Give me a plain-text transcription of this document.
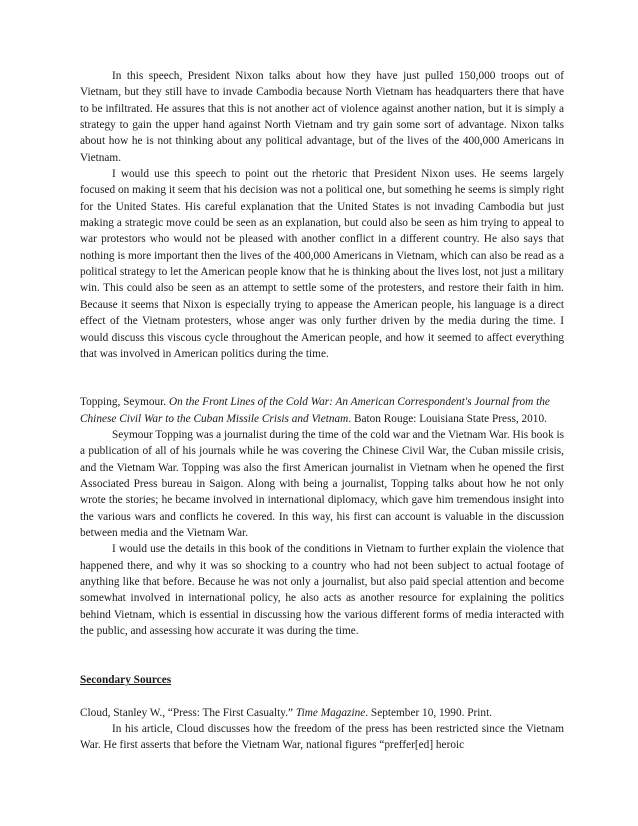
In this speech, President Nixon talks about how they have just pulled 150,000 troops out of Vietnam, but they still have to invade Cambodia because North Vietnam has headquarters there that have to be infiltrated. He assures that this is not another act of violence against another nation, but it is simply a strategy to gain the upper hand against North Vietnam and try gain some sort of advantage. Nixon talks about how he is not thinking about any political advantage, but of the lives of the 400,000 Americans in Vietnam.

I would use this speech to point out the rhetoric that President Nixon uses. He seems largely focused on making it seem that his decision was not a political one, but something he seems is simply right for the United States. His careful explanation that the United States is not invading Cambodia but just making a strategic move could be seen as an explanation, but could also be seen as him trying to appeal to war protestors who would not be pleased with another conflict in a different country. He also says that nothing is more important then the lives of the 400,000 Americans in Vietnam, which can also be read as a political strategy to let the American people know that he is thinking about the lives lost, not just a military win. This could also be seen as an attempt to settle some of the protesters, and restore their faith in him. Because it seems that Nixon is especially trying to appease the American people, his language is a direct effect of the Vietnam protesters, whose anger was only further driven by the media during the time. I would discuss this viscous cycle throughout the American people, and how it seemed to affect everything that was involved in American politics during the time.

Topping, Seymour. On the Front Lines of the Cold War: An American Correspondent's Journal from the Chinese Civil War to the Cuban Missile Crisis and Vietnam. Baton Rouge: Louisiana State Press, 2010.

Seymour Topping was a journalist during the time of the cold war and the Vietnam War. His book is a publication of all of his journals while he was covering the Chinese Civil War, the Cuban missile crisis, and the Vietnam War. Topping was also the first American journalist in Vietnam when he opened the first Associated Press bureau in Saigon. Along with being a journalist, Topping talks about how he not only wrote the stories; he became involved in international diplomacy, which gave him tremendous insight into the various wars and conflicts he covered. In this way, his first can account is valuable in the discussion between media and the Vietnam War.

I would use the details in this book of the conditions in Vietnam to further explain the violence that happened there, and why it was so shocking to a country who had not been subject to actual footage of anything like that before. Because he was not only a journalist, but also paid special attention and become somewhat involved in international policy, he also acts as another resource for explaining the politics behind Vietnam, which is essential in discussing how the various different forms of media interacted with the public, and assessing how accurate it was during the time.

Secondary Sources

Cloud, Stanley W., “Press: The First Casualty.” Time Magazine. September 10, 1990. Print.

In his article, Cloud discusses how the freedom of the press has been restricted since the Vietnam War. He first asserts that before the Vietnam War, national figures “preffer[ed] heroic
